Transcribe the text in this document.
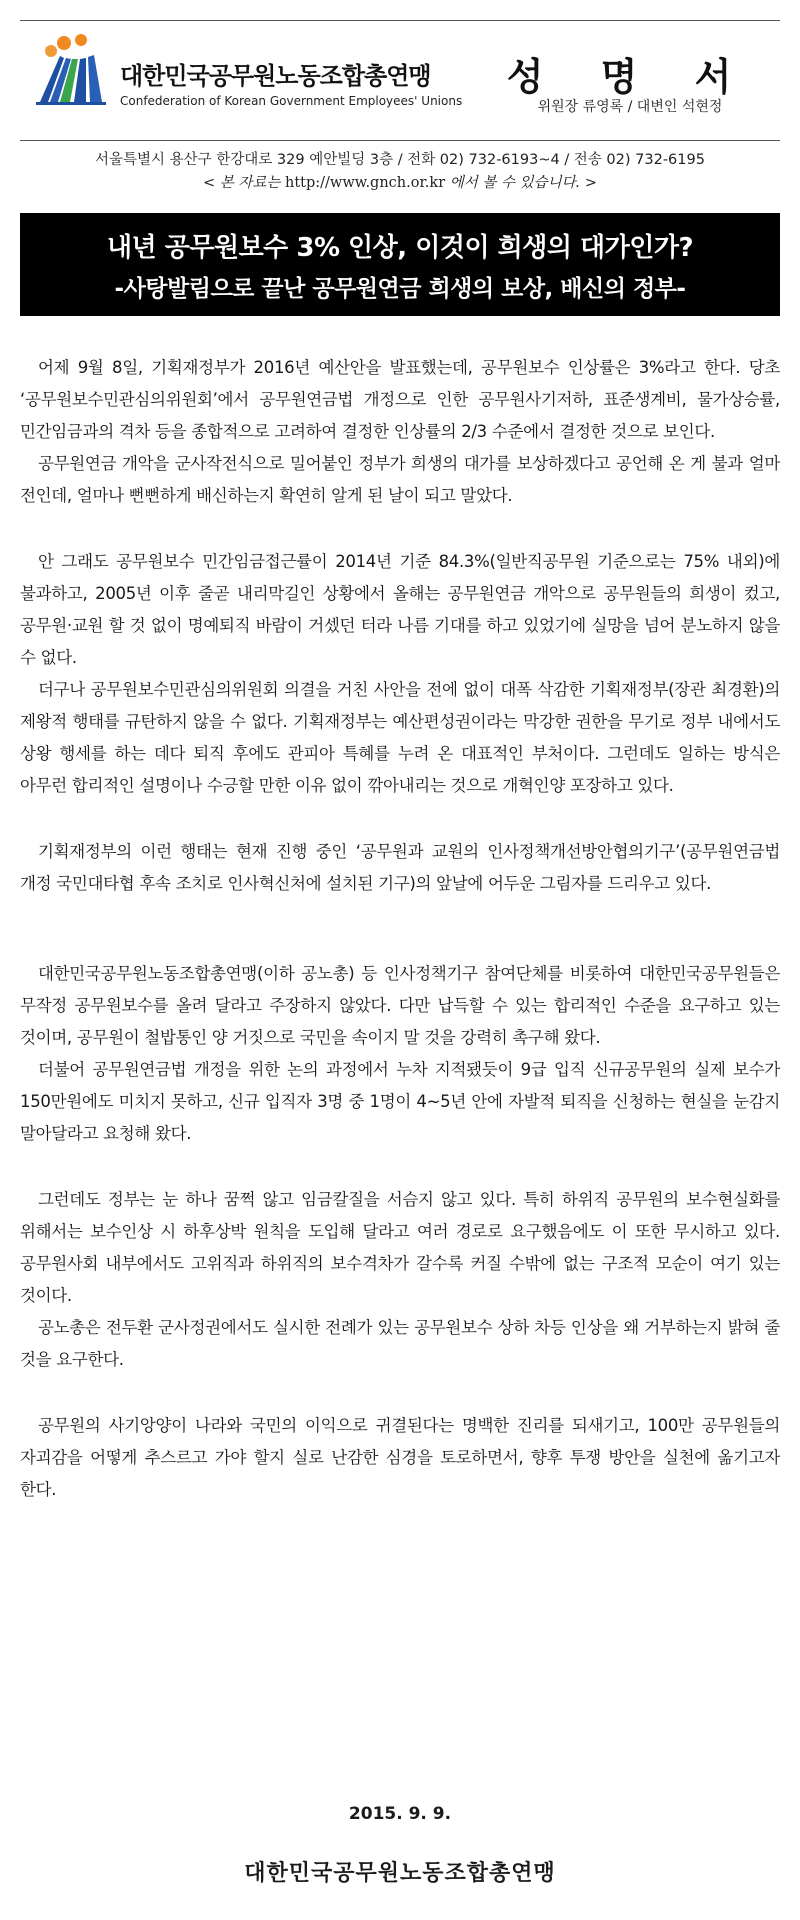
대한민국공무원노동조합총연맹
Confederation of Korean Government Employees' Unions
성 명 서
위원장 류영록 / 대변인 석현정
서울특별시 용산구 한강대로 329 예안빌딩 3층 / 전화 02) 732-6193~4 / 전송 02) 732-6195
< 본 자료는 http://www.gnch.or.kr 에서 볼 수 있습니다. >
내년 공무원보수 3% 인상, 이것이 희생의 대가인가?
-사탕발림으로 끝난 공무원연금 희생의 보상, 배신의 정부-

어제 9월 8일, 기획재정부가 2016년 예산안을 발표했는데, 공무원보수 인상률은 3%라고 한다. 당초 ‘공무원보수민관심의위원회’에서 공무원연금법 개정으로 인한 공무원사기저하, 표준생계비, 물가상승률, 민간임금과의 격차 등을 종합적으로 고려하여 결정한 인상률의 2/3 수준에서 결정한 것으로 보인다.

공무원연금 개악을 군사작전식으로 밀어붙인 정부가 희생의 대가를 보상하겠다고 공언해 온 게 불과 얼마 전인데, 얼마나 뻔뻔하게 배신하는지 확연히 알게 된 날이 되고 말았다.

안 그래도 공무원보수 민간임금접근률이 2014년 기준 84.3%(일반직공무원 기준으로는 75% 내외)에 불과하고, 2005년 이후 줄곧 내리막길인 상황에서 올해는 공무원연금 개악으로 공무원들의 희생이 컸고, 공무원·교원 할 것 없이 명예퇴직 바람이 거셌던 터라 나름 기대를 하고 있었기에 실망을 넘어 분노하지 않을 수 없다.

더구나 공무원보수민관심의위원회 의결을 거친 사안을 전에 없이 대폭 삭감한 기획재정부(장관 최경환)의 제왕적 행태를 규탄하지 않을 수 없다. 기획재정부는 예산편성권이라는 막강한 권한을 무기로 정부 내에서도 상왕 행세를 하는 데다 퇴직 후에도 관피아 특혜를 누려 온 대표적인 부처이다. 그런데도 일하는 방식은 아무런 합리적인 설명이나 수긍할 만한 이유 없이 깎아내리는 것으로 개혁인양 포장하고 있다.

기획재정부의 이런 행태는 현재 진행 중인 ‘공무원과 교원의 인사정책개선방안협의기구’(공무원연금법 개정 국민대타협 후속 조치로 인사혁신처에 설치된 기구)의 앞날에 어두운 그림자를 드리우고 있다.

대한민국공무원노동조합총연맹(이하 공노총) 등 인사정책기구 참여단체를 비롯하여 대한민국공무원들은 무작정 공무원보수를 올려 달라고 주장하지 않았다. 다만 납득할 수 있는 합리적인 수준을 요구하고 있는 것이며, 공무원이 철밥통인 양 거짓으로 국민을 속이지 말 것을 강력히 촉구해 왔다.

더불어 공무원연금법 개정을 위한 논의 과정에서 누차 지적됐듯이 9급 입직 신규공무원의 실제 보수가 150만원에도 미치지 못하고, 신규 입직자 3명 중 1명이 4~5년 안에 자발적 퇴직을 신청하는 현실을 눈감지 말아달라고 요청해 왔다.

그런데도 정부는 눈 하나 꿈쩍 않고 임금칼질을 서슴지 않고 있다. 특히 하위직 공무원의 보수현실화를 위해서는 보수인상 시 하후상박 원칙을 도입해 달라고 여러 경로로 요구했음에도 이 또한 무시하고 있다. 공무원사회 내부에서도 고위직과 하위직의 보수격차가 갈수록 커질 수밖에 없는 구조적 모순이 여기 있는 것이다.

공노총은 전두환 군사정권에서도 실시한 전례가 있는 공무원보수 상하 차등 인상을 왜 거부하는지 밝혀 줄 것을 요구한다.

공무원의 사기앙양이 나라와 국민의 이익으로 귀결된다는 명백한 진리를 되새기고, 100만 공무원들의 자괴감을 어떻게 추스르고 가야 할지 실로 난감한 심경을 토로하면서, 향후 투쟁 방안을 실천에 옮기고자 한다.

2015. 9. 9.
대한민국공무원노동조합총연맹
